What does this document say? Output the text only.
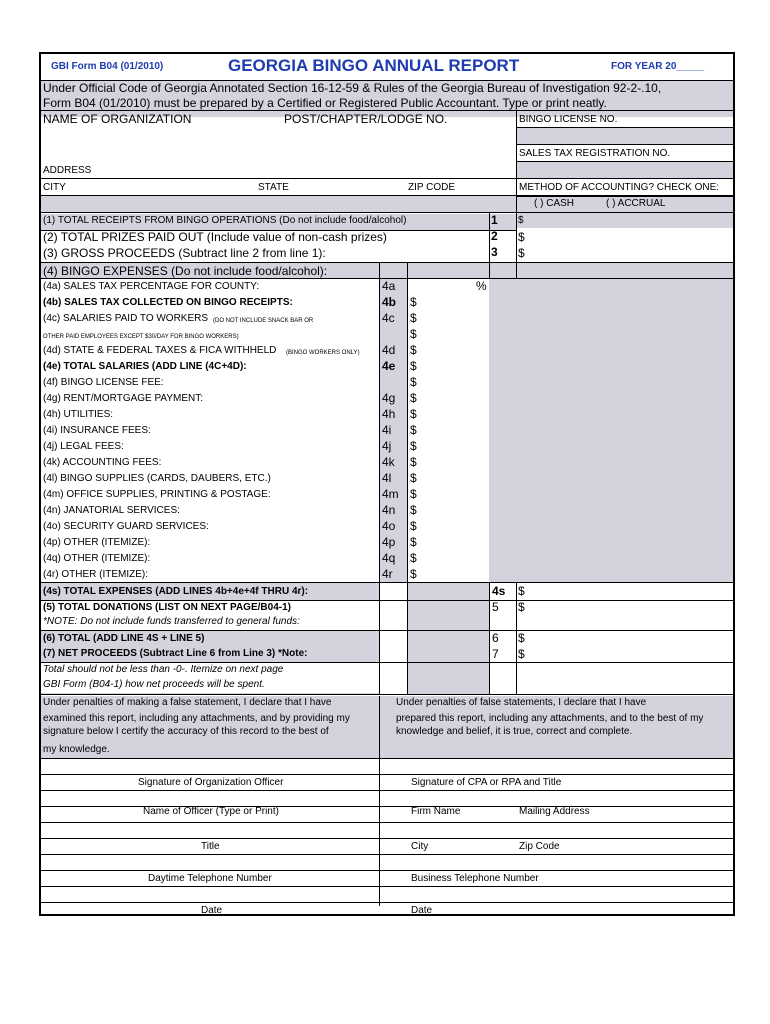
GBI Form B04 (01/2010)	GEORGIA BINGO ANNUAL REPORT	FOR YEAR 20_____
Under Official Code of Georgia Annotated Section 16-12-59 & Rules of the Georgia Bureau of Investigation 92-2-.10,
Form B04 (01/2010) must be prepared by a Certified or Registered Public Accountant. Type or print neatly.
NAME OF ORGANIZATION	POST/CHAPTER/LODGE NO.	BINGO LICENSE NO.
SALES TAX REGISTRATION NO.
ADDRESS
CITY	STATE	ZIP CODE	METHOD OF ACCOUNTING? CHECK ONE:
( ) CASH	( ) ACCRUAL
(1) TOTAL RECEIPTS FROM BINGO OPERATIONS (Do not include food/alcohol)	1 $
(2) TOTAL PRIZES PAID OUT (Include value of non-cash prizes)	2 $
(3) GROSS PROCEEDS (Subtract line 2 from line 1):	3 $
(4) BINGO EXPENSES (Do not include food/alcohol):
(4a) SALES TAX PERCENTAGE FOR COUNTY:	4a	%
(4b) SALES TAX COLLECTED ON BINGO RECEIPTS:	4b $
(4c) SALARIES PAID TO WORKERS (DO NOT INCLUDE SNACK BAR OR	4c $
OTHER PAID EMPLOYEES EXCEPT $30/DAY FOR BINGO WORKERS)	$
(4d) STATE & FEDERAL TAXES & FICA WITHHELD (BINGO WORKERS ONLY) 4d $
(4e) TOTAL SALARIES (ADD LINE (4C+4D):	4e $
(4f) BINGO LICENSE FEE:	$
(4g) RENT/MORTGAGE PAYMENT:	4g $
(4h) UTILITIES:	4h $
(4i) INSURANCE FEES:	4i $
(4j) LEGAL FEES:	4j $
(4k) ACCOUNTING FEES:	4k $
(4l) BINGO SUPPLIES (CARDS, DAUBERS, ETC.)	4l $
(4m) OFFICE SUPPLIES, PRINTING & POSTAGE:	4m $
(4n) JANATORIAL SERVICES:	4n $
(4o) SECURITY GUARD SERVICES:	4o $
(4p) OTHER (ITEMIZE):	4p $
(4q) OTHER (ITEMIZE):	4q $
(4r) OTHER (ITEMIZE):	4r $
(4s) TOTAL EXPENSES (ADD LINES 4b+4e+4f THRU 4r):	4s $
(5) TOTAL DONATIONS (LIST ON NEXT PAGE/B04-1)	5 $
*NOTE: Do not include funds transferred to general funds:
(6) TOTAL (ADD LINE 4S + LINE 5)	6 $
(7) NET PROCEEDS (Subtract Line 6 from Line 3) *Note:	7 $
Total should not be less than -0-. Itemize on next page
GBI Form (B04-1) how net proceeds will be spent.
Under penalties of making a false statement, I declare that I have
examined this report, including any attachments, and by providing my
signature below I certify the accuracy of this record to the best of
my knowledge.
Under penalties of false statements, I declare that I have
prepared this report, including any attachments, and to the best of my
knowledge and belief, it is true, correct and complete.
Signature of Organization Officer	Signature of CPA or RPA and Title
Name of Officer (Type or Print)	Firm Name	Mailing Address
Title	City	Zip Code
Daytime Telephone Number	Business Telephone Number
Date	Date
